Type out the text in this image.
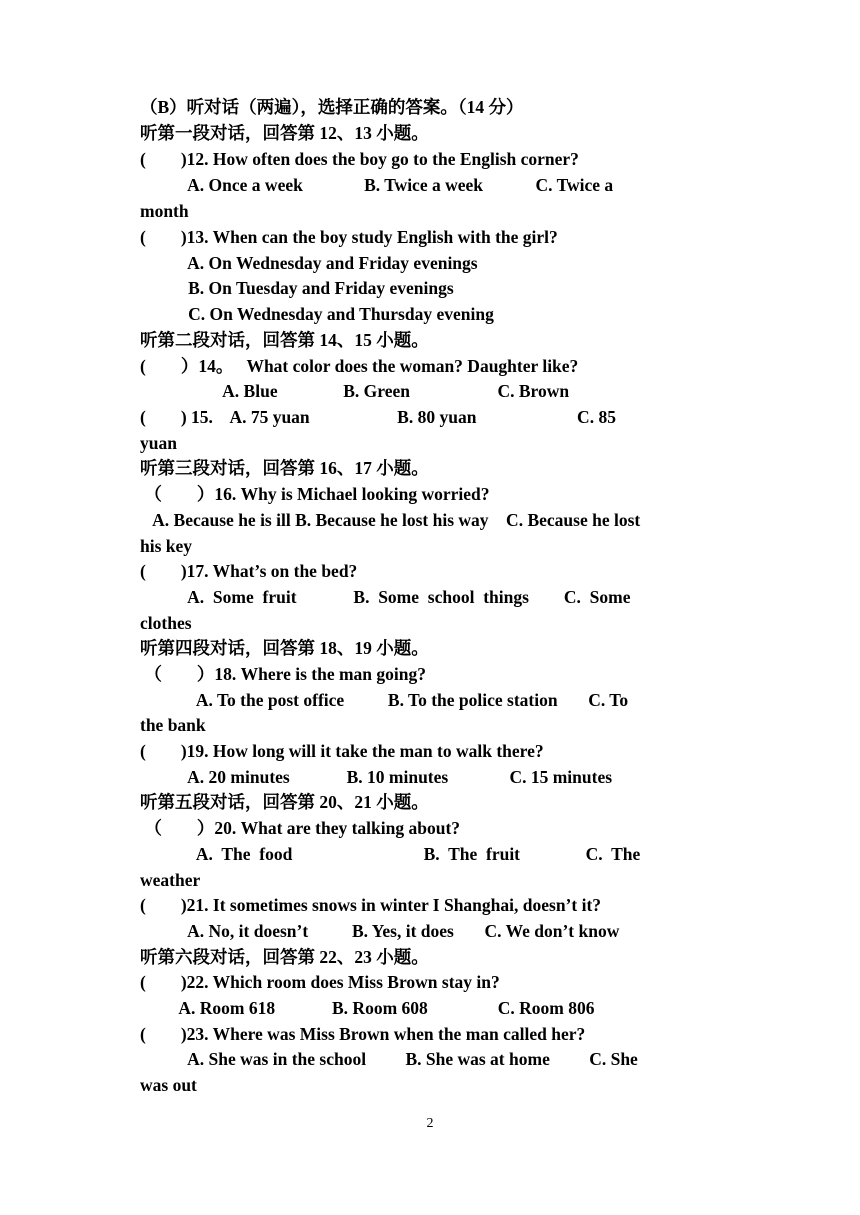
（B）听对话（两遍），选择正确的答案。（14 分）
听第一段对话，回答第 12、13 小题。
(        )12. How often does the boy go to the English corner?
A. Once a week              B. Twice a week            C. Twice a
month
(        )13. When can the boy study English with the girl?
A. On Wednesday and Friday evenings
B. On Tuesday and Friday evenings
C. On Wednesday and Thursday evening
听第二段对话，回答第 14、15 小题。
(        ）14。   What color does the woman? Daughter like?
A. Blue               B. Green                    C. Brown
(        ) 15.    A. 75 yuan                    B. 80 yuan                       C. 85
yuan
听第三段对话，回答第 16、17 小题。
（        ）16. Why is Michael looking worried?
A. Because he is ill B. Because he lost his way    C. Because he lost
his key
(        )17. What’s on the bed?
A.  Some  fruit             B.  Some  school  things        C.  Some
clothes
听第四段对话，回答第 18、19 小题。
（        ）18. Where is the man going?
A. To the post office          B. To the police station       C. To
the bank
(        )19. How long will it take the man to walk there?
A. 20 minutes             B. 10 minutes              C. 15 minutes
听第五段对话，回答第 20、21 小题。
（        ）20. What are they talking about?
A.  The  food                              B.  The  fruit               C.  The
weather
(        )21. It sometimes snows in winter I Shanghai, doesn’t it?
A. No, it doesn’t          B. Yes, it does       C. We don’t know
听第六段对话，回答第 22、23 小题。
(        )22. Which room does Miss Brown stay in?
A. Room 618             B. Room 608                C. Room 806
(        )23. Where was Miss Brown when the man called her?
A. She was in the school         B. She was at home         C. She
was out
2
